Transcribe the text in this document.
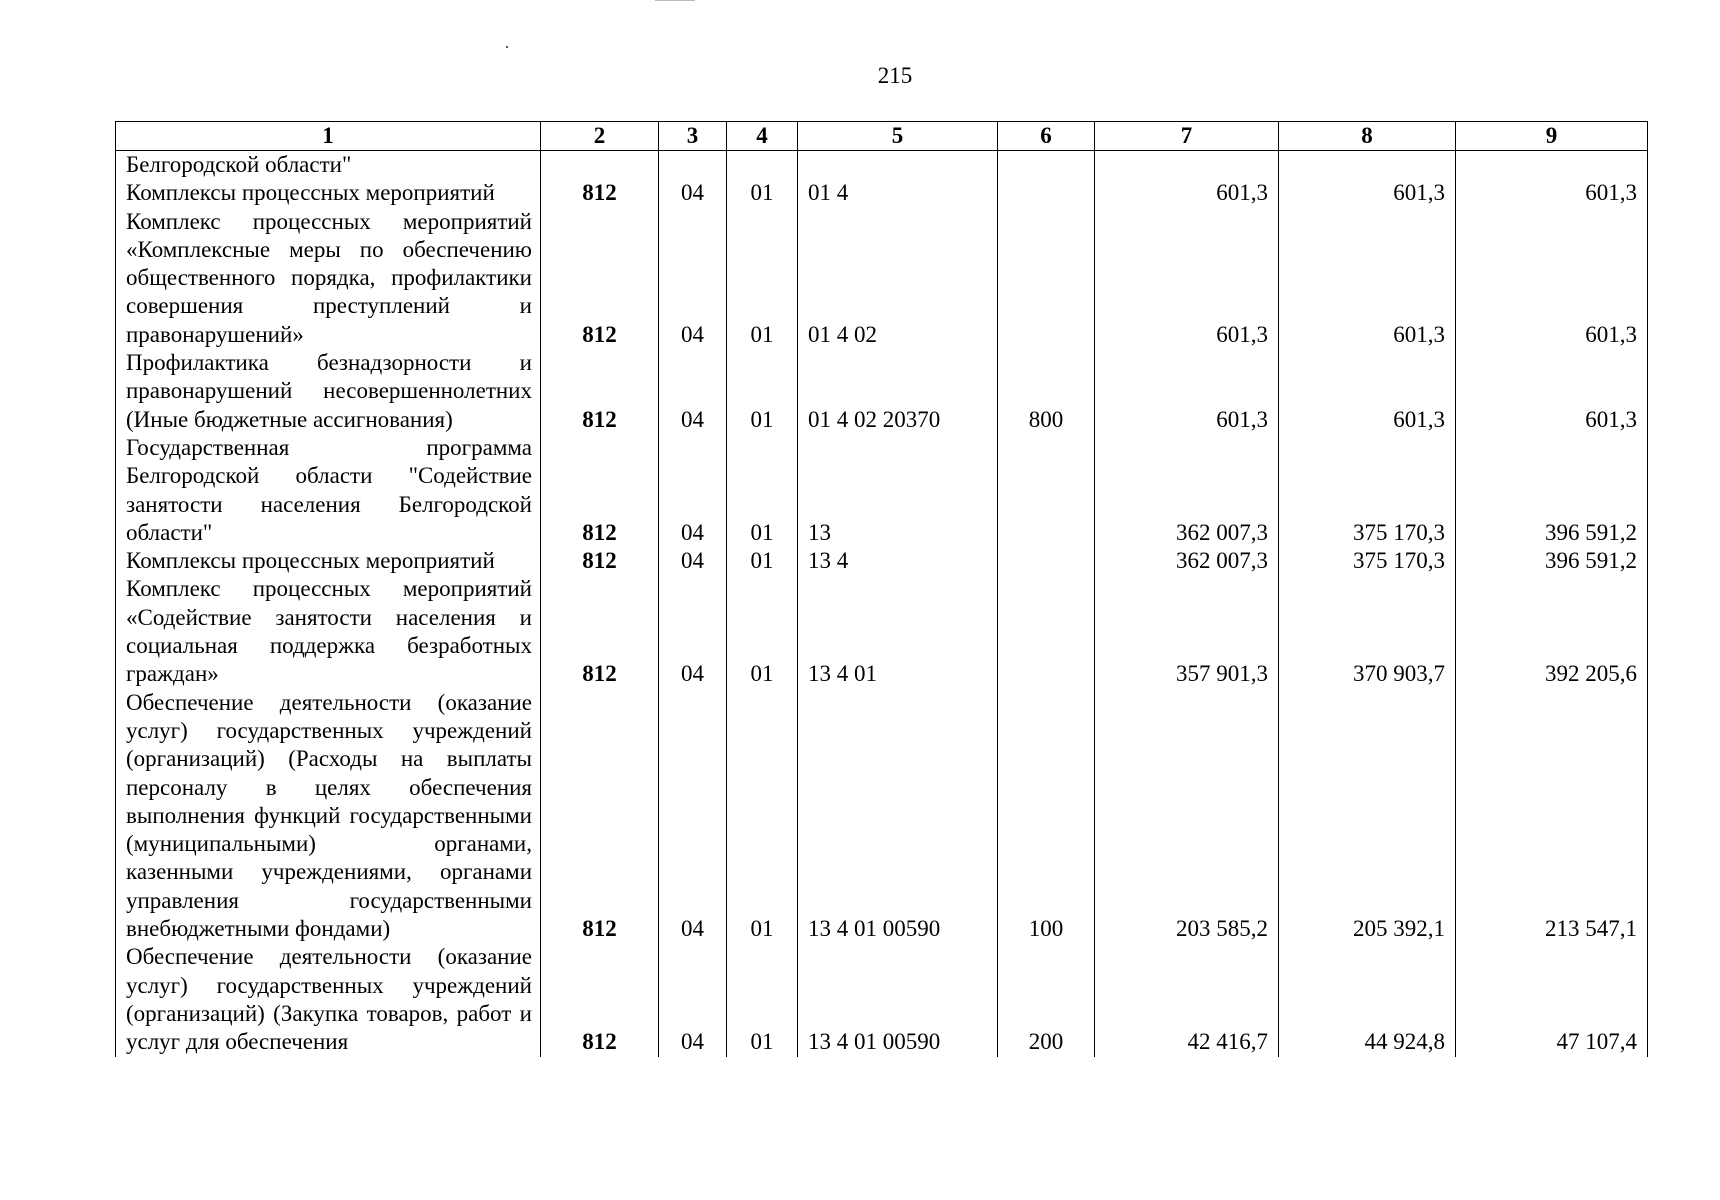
215
1	2	3	4	5	6	7	8	9
Белгородской области"								
Комплексы процессных мероприятий	812	04	01	01 4		601,3	601,3	601,3
Комплекс процессных мероприятий «Комплексные меры по обеспечению общественного порядка, профилактики совершения преступлений и правонарушений»	812	04	01	01 4 02		601,3	601,3	601,3
Профилактика безнадзорности и правонарушений несовершеннолетних (Иные бюджетные ассигнования)	812	04	01	01 4 02 20370	800	601,3	601,3	601,3
Государственная программа Белгородской области "Содействие занятости населения Белгородской области"	812	04	01	13		362 007,3	375 170,3	396 591,2
Комплексы процессных мероприятий	812	04	01	13 4		362 007,3	375 170,3	396 591,2
Комплекс процессных мероприятий «Содействие занятости населения и социальная поддержка безработных граждан»	812	04	01	13 4 01		357 901,3	370 903,7	392 205,6
Обеспечение деятельности (оказание услуг) государственных учреждений (организаций) (Расходы на выплаты персоналу в целях обеспечения выполнения функций государственными (муниципальными) органами, казенными учреждениями, органами управления государственными внебюджетными фондами)	812	04	01	13 4 01 00590	100	203 585,2	205 392,1	213 547,1
Обеспечение деятельности (оказание услуг) государственных учреждений (организаций) (Закупка товаров, работ и услуг для обеспечения	812	04	01	13 4 01 00590	200	42 416,7	44 924,8	47 107,4
